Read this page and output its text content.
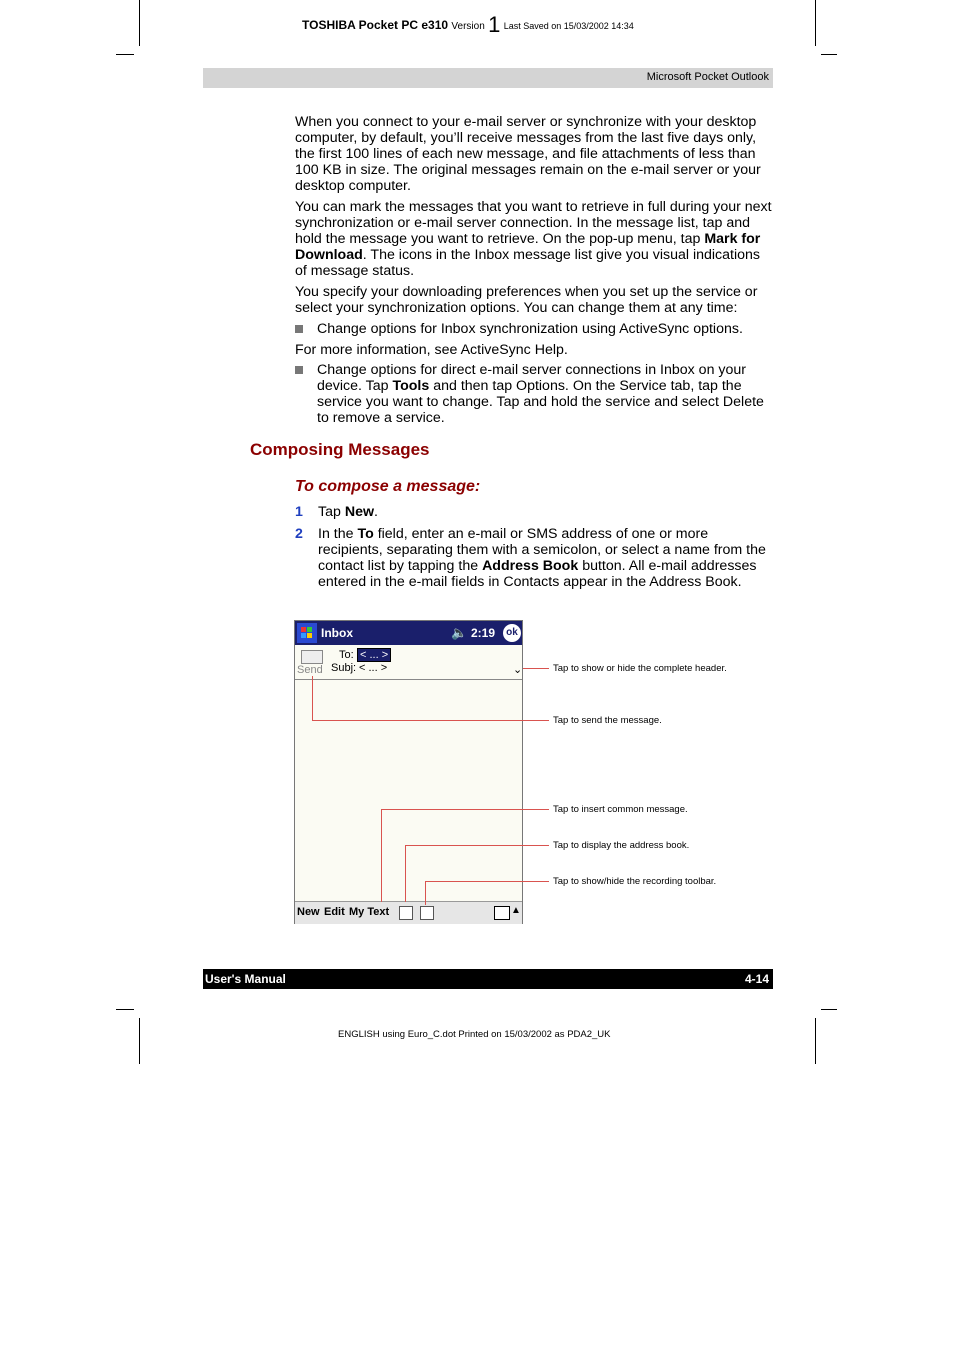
TOSHIBA Pocket PC e310 Version 1 Last Saved on 15/03/2002 14:34
Microsoft Pocket Outlook

When you connect to your e-mail server or synchronize with your desktop computer, by default, you’ll receive messages from the last five days only, the first 100 lines of each new message, and file attachments of less than 100 KB in size. The original messages remain on the e-mail server or your desktop computer.

You can mark the messages that you want to retrieve in full during your next synchronization or e-mail server connection. In the message list, tap and hold the message you want to retrieve. On the pop-up menu, tap Mark for Download. The icons in the Inbox message list give you visual indications of message status.

You specify your downloading preferences when you set up the service or select your synchronization options. You can change them at any time:

Change options for Inbox synchronization using ActiveSync options.

For more information, see ActiveSync Help.

Change options for direct e-mail server connections in Inbox on your device. Tap Tools and then tap Options. On the Service tab, tap the service you want to change. Tap and hold the service and select Delete to remove a service.
Composing Messages
To compose a message:
1 Tap New.
2 In the To field, enter an e-mail or SMS address of one or more recipients, separating them with a semicolon, or select a name from the contact list by tapping the Address Book button. All e-mail addresses entered in the e-mail fields in Contacts appear in the Address Book.
Inbox	🔈 2:19	ok
Send
To: < ... >
Subj: < ... >	⌄
New Edit My Text	▲
Tap to show or hide the complete header.
Tap to send the message.
Tap to insert common message.
Tap to display the address book.
Tap to show/hide the recording toolbar.
User's Manual	4-14
ENGLISH using Euro_C.dot Printed on 15/03/2002 as PDA2_UK
